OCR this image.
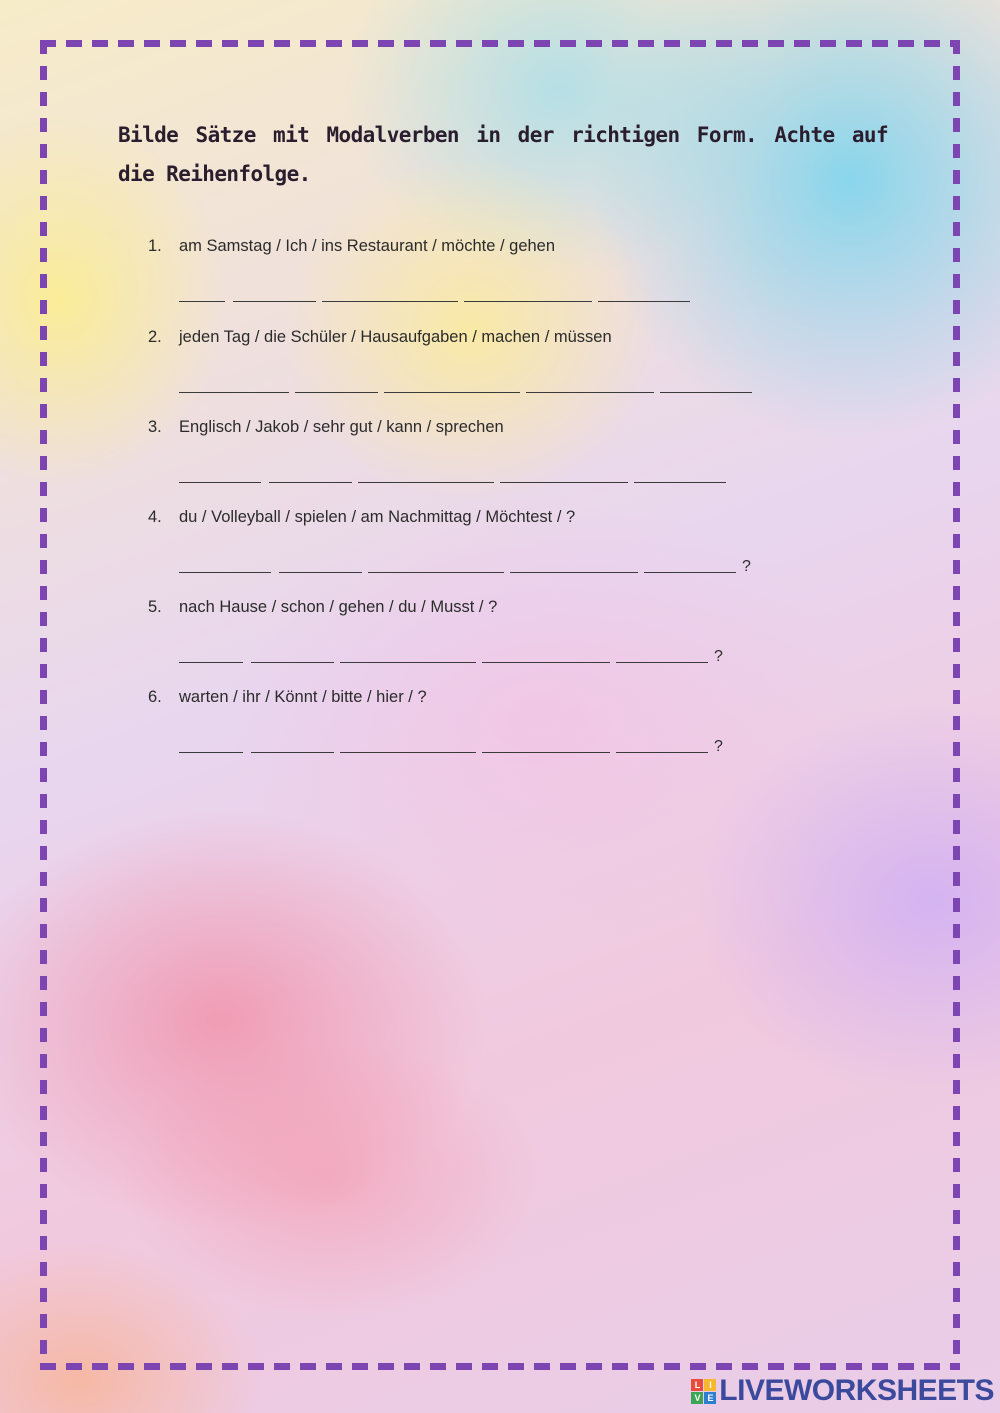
Bilde Sätze mit Modalverben in der richtigen Form. Achte auf die Reihenfolge.

1. am Samstag / Ich / ins Restaurant / möchte / gehen
2. jeden Tag / die Schüler / Hausaufgaben / machen / müssen
3. Englisch / Jakob / sehr gut / kann / sprechen
4. du / Volleyball / spielen / am Nachmittag / Möchtest / ?
?
5. nach Hause / schon / gehen / du / Musst / ?
?
6. warten / ihr / Könnt / bitte / hier / ?
?
L	I
V E LIVEWORKSHEETS
